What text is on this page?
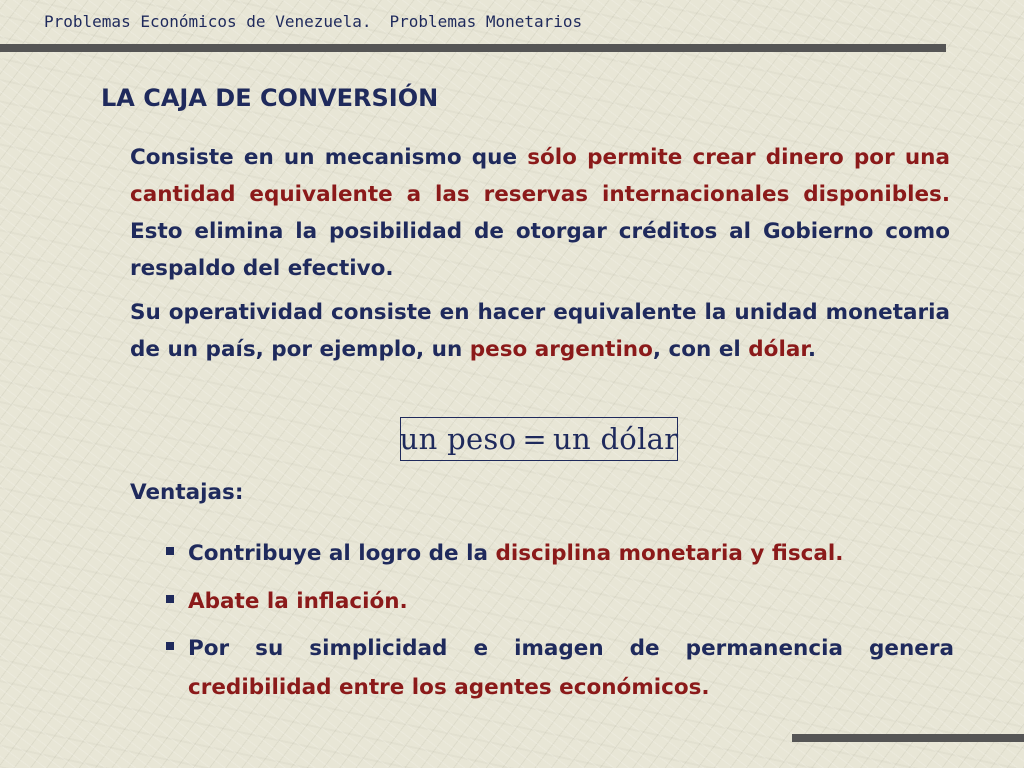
Problemas Económicos de Venezuela. Problemas Monetarios
LA CAJA DE CONVERSIÓN
Consiste en un mecanismo que sólo permite crear dinero por una cantidad equivalente a las reservas internacionales disponibles. Esto elimina la posibilidad de otorgar créditos al Gobierno como respaldo del efectivo.
Su operatividad consiste en hacer equivalente la unidad monetaria de un país, por ejemplo, un peso argentino, con el dólar.
un peso = un dólar
Ventajas:
Contribuye al logro de la disciplina monetaria y fiscal.
Abate la inflación.
Por su simplicidad e imagen de permanencia genera
credibilidad entre los agentes económicos.
